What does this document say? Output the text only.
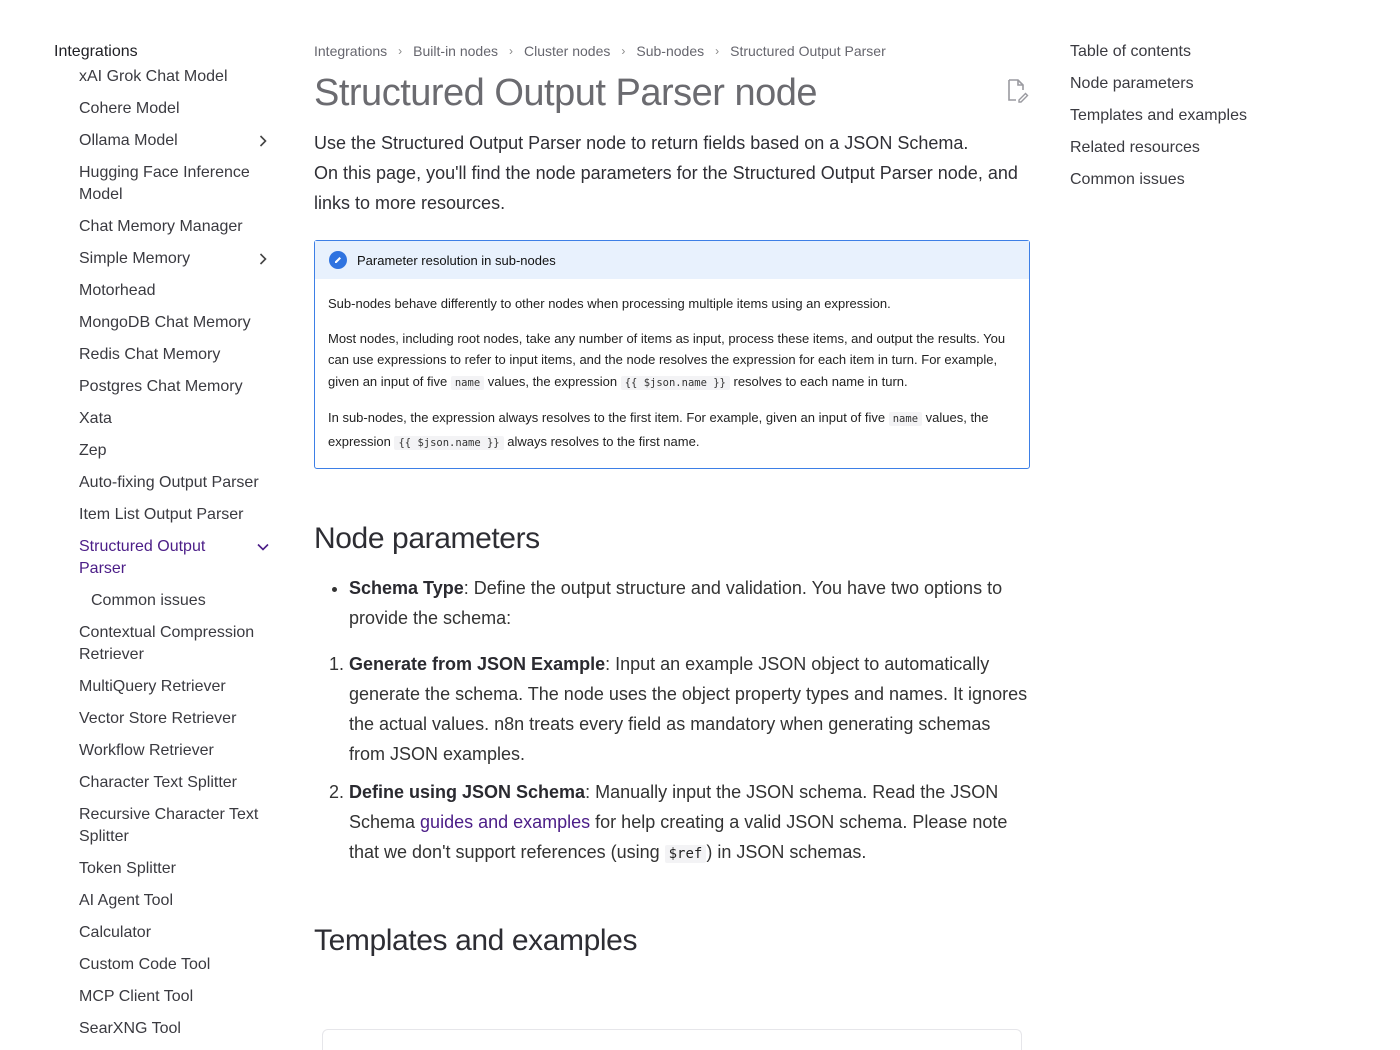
Integrations
xAI Grok Chat Model
Cohere Model
Ollama Model
Hugging Face Inference Model
Chat Memory Manager
Simple Memory
Motorhead
MongoDB Chat Memory
Redis Chat Memory
Postgres Chat Memory
Xata
Zep
Auto-fixing Output Parser
Item List Output Parser
Structured Output Parser
Common issues
Contextual Compression Retriever
MultiQuery Retriever
Vector Store Retriever
Workflow Retriever
Character Text Splitter
Recursive Character Text Splitter
Token Splitter
AI Agent Tool
Calculator
Custom Code Tool
MCP Client Tool
SearXNG Tool
Integrations › Built-in nodes › Cluster nodes › Sub-nodes › Structured Output Parser
Structured Output Parser node

Use the Structured Output Parser node to return fields based on a JSON Schema.

On this page, you'll find the node parameters for the Structured Output Parser node, and links to more resources.

Parameter resolution in sub-nodes

Sub-nodes behave differently to other nodes when processing multiple items using an expression.

Most nodes, including root nodes, take any number of items as input, process these items, and output the results. You can use expressions to refer to input items, and the node resolves the expression for each item in turn. For example, given an input of five name values, the expression {{ $json.name }} resolves to each name in turn.

In sub-nodes, the expression always resolves to the first item. For example, given an input of five name values, the expression {{ $json.name }} always resolves to the first name.

Node parameters
• Schema Type: Define the output structure and validation. You have two options to provide the schema:
1. Generate from JSON Example: Input an example JSON object to automatically generate the schema. The node uses the object property types and names. It ignores the actual values. n8n treats every field as mandatory when generating schemas from JSON examples.
2. Define using JSON Schema: Manually input the JSON schema. Read the JSON Schema guides and examples for help creating a valid JSON schema. Please note that we don't support references (using $ref ) in JSON schemas.
Templates and examples
Table of contents
Node parameters
Templates and examples
Related resources
Common issues
